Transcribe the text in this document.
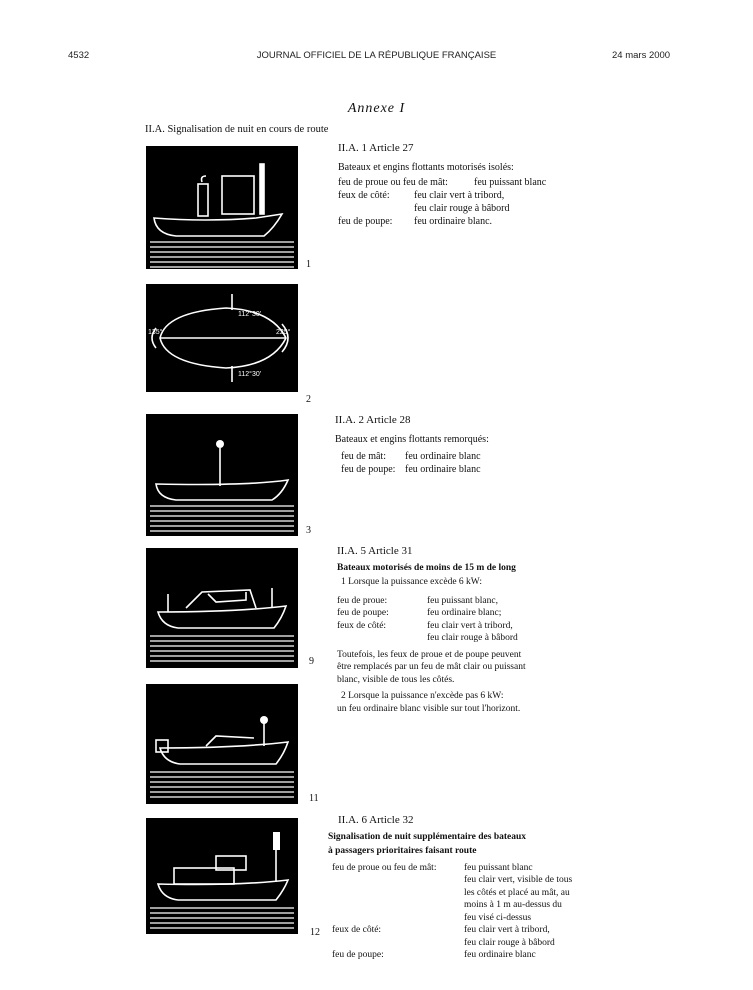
4532	JOURNAL OFFICIEL DE LA RÉPUBLIQUE FRANÇAISE	24 mars 2000
Annexe I
II.A. Signalisation de nuit en cours de route
1
112°30'
112°30'
135°	225°
2
3
9
11
12
II.A. 1 Article 27
Bateaux et engins flottants motorisés isolés:
feu de proue ou feu de mât:	feu puissant blanc
feux de côté:	feu clair vert à tribord,
feu clair rouge à bâbord
feu de poupe:	feu ordinaire blanc.
II.A. 2 Article 28
Bateaux et engins flottants remorqués:
feu de mât:	feu ordinaire blanc
feu de poupe: feu ordinaire blanc
II.A. 5 Article 31
Bateaux motorisés de moins de 15 m de long
1 Lorsque la puissance excède 6 kW:
feu de proue:	feu puissant blanc,
feu de poupe:	feu ordinaire blanc;
feux de côté:	feu clair vert à tribord,
feu clair rouge à bâbord
Toutefois, les feux de proue et de poupe peuvent
être remplacés par un feu de mât clair ou puissant
blanc, visible de tous les côtés.
2 Lorsque la puissance n'excède pas 6 kW:
un feu ordinaire blanc visible sur tout l'horizont.
II.A. 6 Article 32
Signalisation de nuit supplémentaire des bateaux
à passagers prioritaires faisant route
feu de proue ou feu de mât:	feu puissant blanc
feu clair vert, visible de tous
les côtés et placé au mât, au
moins à 1 m au-dessus du
feu visé ci-dessus
feux de côté:	feu clair vert à tribord,
feu clair rouge à bâbord
feu de poupe:	feu ordinaire blanc
